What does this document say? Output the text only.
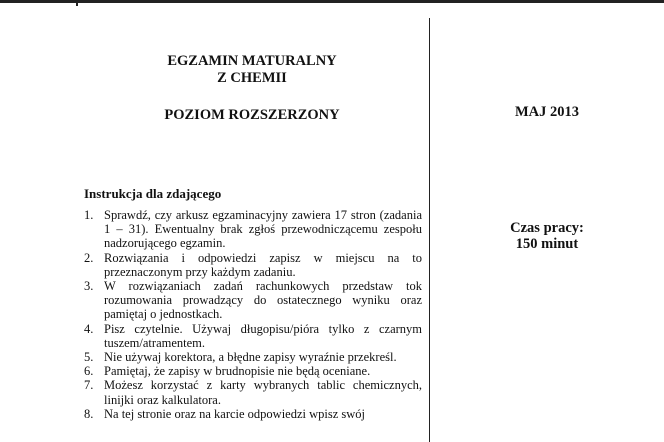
EGZAMIN MATURALNY
Z CHEMII
POZIOM ROZSZERZONY	MAJ 2013
Czas pracy:
150 minut
Instrukcja dla zdającego
1. Sprawdź, czy arkusz egzaminacyjny zawiera 17 stron (zadania 1 – 31). Ewentualny brak zgłoś przewodniczącemu zespołu nadzorującego egzamin.
2. Rozwiązania i odpowiedzi zapisz w miejscu na to przeznaczonym przy każdym zadaniu.
3. W rozwiązaniach zadań rachunkowych przedstaw tok rozumowania prowadzący do ostatecznego wyniku oraz pamiętaj o jednostkach.
4. Pisz czytelnie. Używaj długopisu/pióra tylko z czarnym tuszem/atramentem.
5. Nie używaj korektora, a błędne zapisy wyraźnie przekreśl.
6. Pamiętaj, że zapisy w brudnopisie nie będą oceniane.
7. Możesz korzystać z karty wybranych tablic chemicznych, linijki oraz kalkulatora.
8. Na tej stronie oraz na karcie odpowiedzi wpisz swój
